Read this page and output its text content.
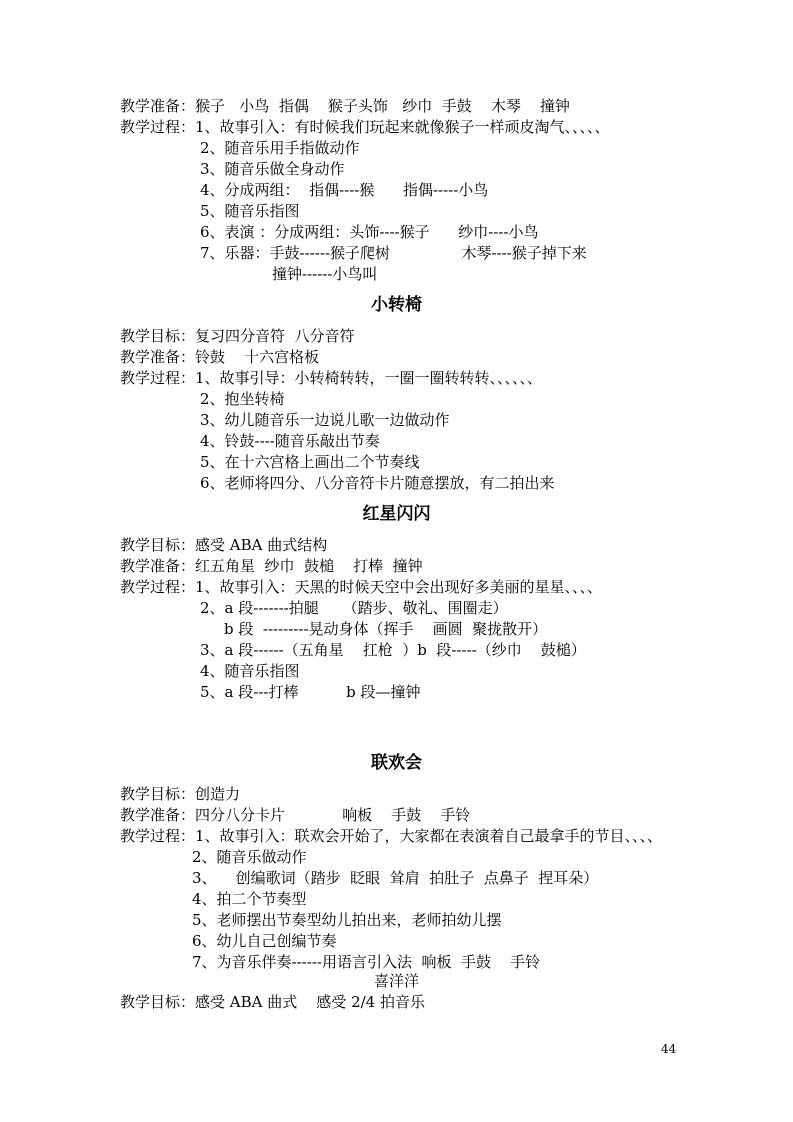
教学准备：猴子   小鸟  指偶    猴子头饰   纱巾  手鼓    木琴    撞钟
教学过程：1、故事引入：有时候我们玩起来就像猴子一样顽皮淘气、、、、、
2、随音乐用手指做动作
3、随音乐做全身动作
4、分成两组：  指偶----猴      指偶-----小鸟
5、随音乐指图
6、表演 ：分成两组：头饰----猴子      纱巾----小鸟
7、乐器：手鼓------猴子爬树               木琴----猴子掉下来
撞钟------小鸟叫
小转椅
教学目标：复习四分音符  八分音符
教学准备：铃鼓    十六宫格板
教学过程：1、故事引导：小转椅转转，一圈一圈转转转、、、、、、
2、抱坐转椅
3、幼儿随音乐一边说儿歌一边做动作
4、铃鼓----随音乐敲出节奏
5、在十六宫格上画出二个节奏线
6、老师将四分、八分音符卡片随意摆放，有二拍出来
红星闪闪
教学目标：感受 ABA 曲式结构
教学准备：红五角星  纱巾  鼓槌    打棒  撞钟
教学过程：1、故事引入：天黑的时候天空中会出现好多美丽的星星、、、、
2、a 段-------拍腿     （踏步、敬礼、围圈走）
b 段  ---------晃动身体（挥手    画圆  聚拢散开）
3、a 段------（五角星    扛枪  ）b  段-----（纱巾    鼓槌）
4、随音乐指图
5、a 段---打棒          b 段—撞钟
联欢会
教学目标：创造力
教学准备：四分八分卡片            响板    手鼓    手铃
教学过程：1、故事引入：联欢会开始了，大家都在表演着自己最拿手的节目、、、、
2、随音乐做动作
3、    创编歌词（踏步  眨眼  耸肩  拍肚子  点鼻子  捏耳朵）
4、拍二个节奏型
5、老师摆出节奏型幼儿拍出来，老师拍幼儿摆
6、幼儿自己创编节奏
7、为音乐伴奏------用语言引入法  响板  手鼓    手铃
喜洋洋
教学目标：感受 ABA 曲式    感受 2/4 拍音乐
44
